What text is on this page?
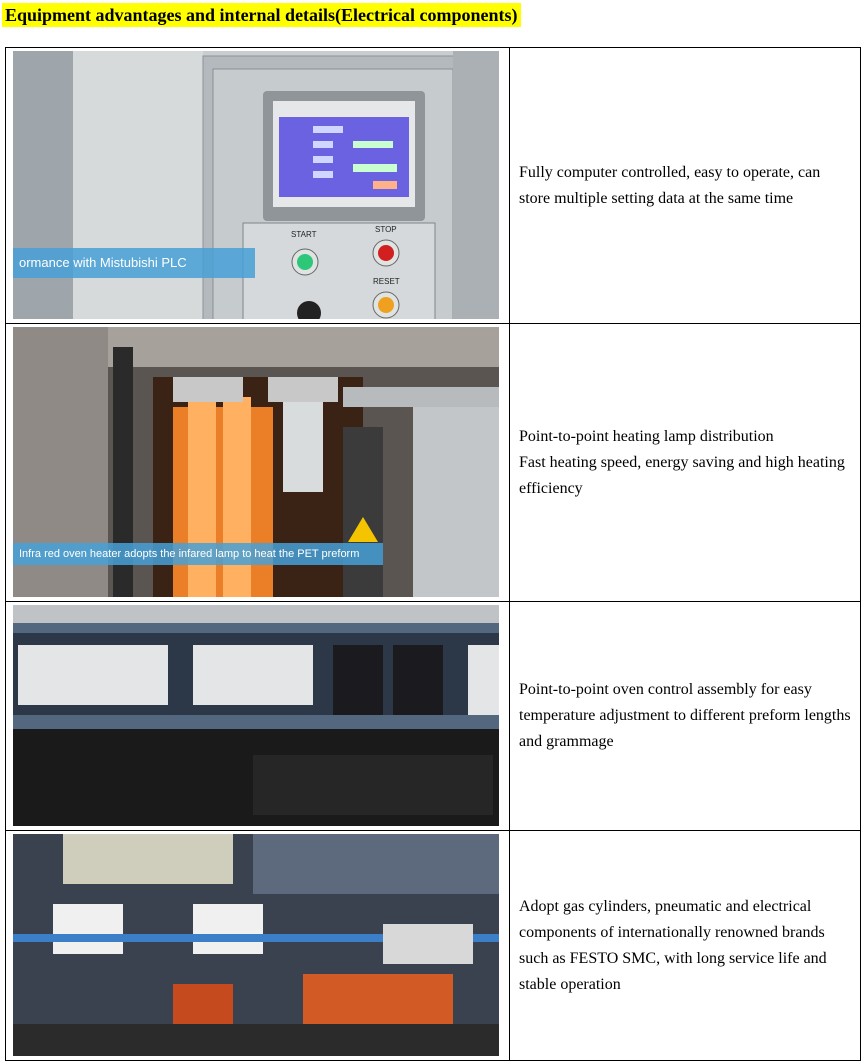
Equipment advantages and internal details(Electrical components)
START
STOP
RESET
ormance with Mistubishi PLC
Fully computer controlled, easy to operate, can store multiple setting data at the same time
Infra red oven heater adopts the infared lamp to heat the PET preform
Point-to-point heating lamp distribution
Fast heating speed, energy saving and high heating efficiency
Point-to-point oven control assembly for easy temperature adjustment to different preform lengths and grammage
Adopt gas cylinders, pneumatic and electrical components of internationally renowned brands such as FESTO SMC, with long service life and stable operation
